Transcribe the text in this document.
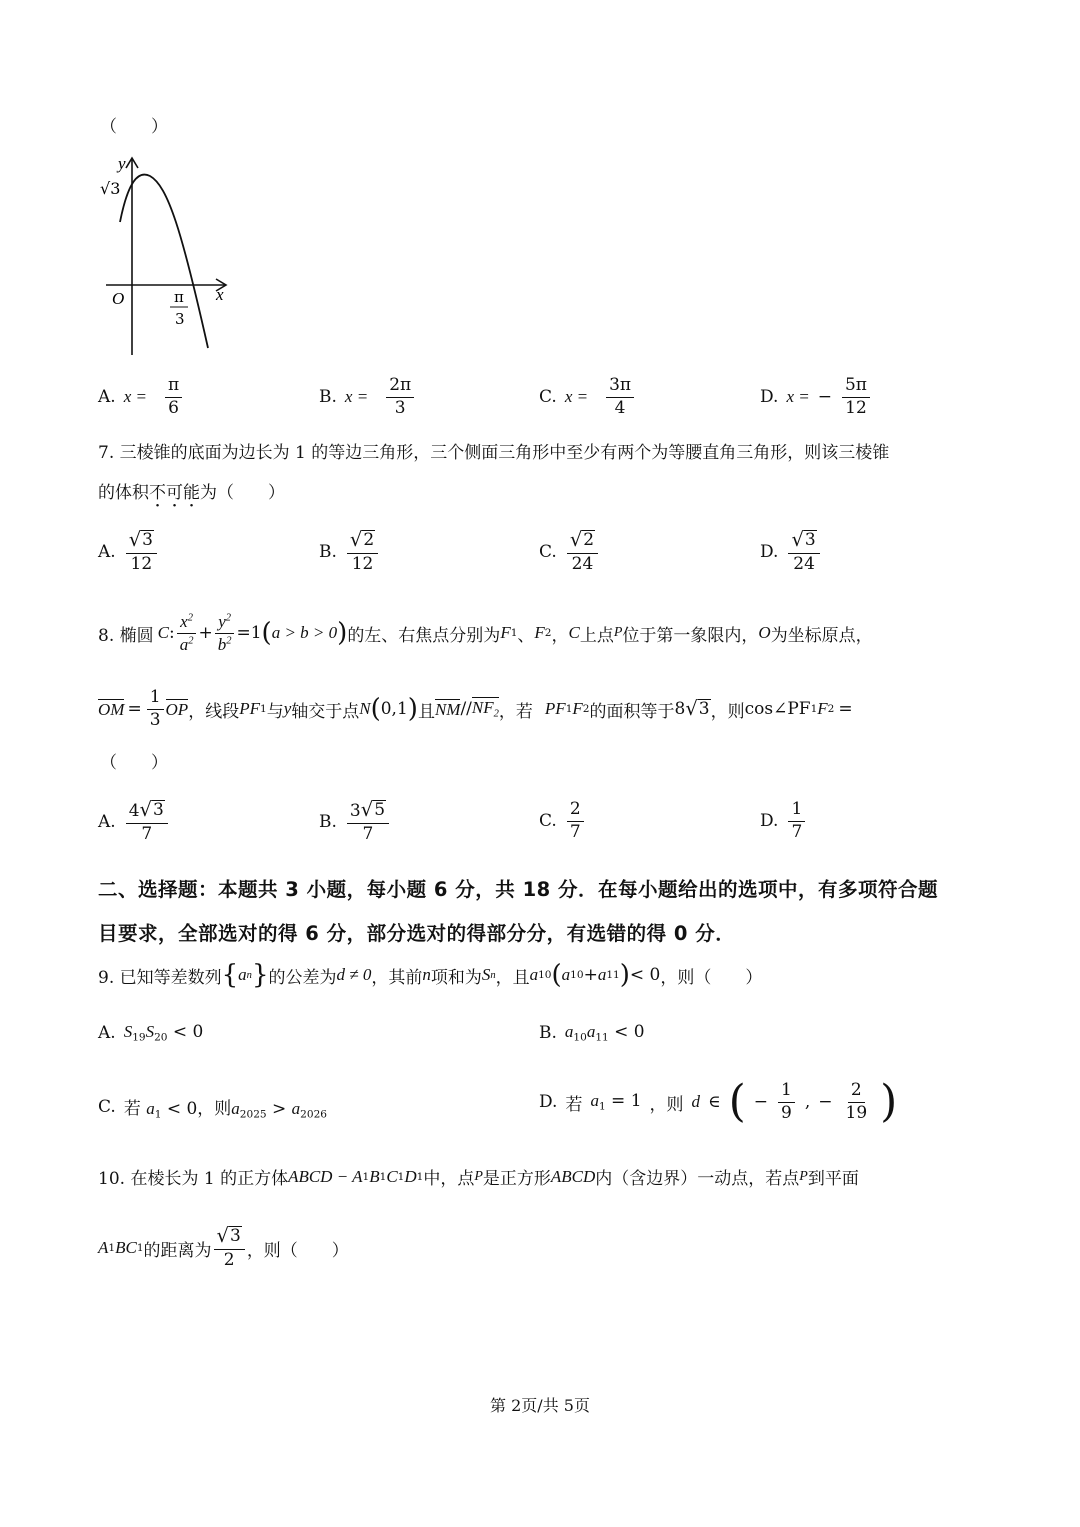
（　　）
y
x
O
√3
π
3
A. $x = \frac{\pi}{6}$	B. $x = \frac{2\pi}{3}$	C. $x = \frac{3\pi}{4}$	D. x = − $\frac{5\pi}{12}$
7. 三棱锥的底面为边长为 1 的等边三角形，三个侧面三角形中至少有两个为等腰直角三角形，则该三棱锥
的体积不可能为（　　）
A. $\frac{√ 3}{12}$	B. $\frac{√ 2}{12}$	C. $\frac{√ 2}{24}$	D. $\frac{√ 3}{24}$
8. 椭圆 C : $\frac{x^2}{a^2} + \frac{y^2}{b^2} =1$ ( a > b > 0 ) 的左、右焦点分别为 F 1 、 F 2 ， C 上点 P 位于第一象限内， O 为坐标原点，
OM = $\frac{1}{3}$ OP ，线段 PF 1 与 y 轴交于点 N ( 0,1 ) 且 NM // $NF_2$ ，若 PF 1 F 2 的面积等于 8 √ 3 ，则 cos∠PF 1 F 2 =
（　　）
A. $\frac{4 √ 3}{7}$	B. $\frac{3 √ 5}{7}$	C. $\frac{2}{7}$	D. $\frac{1}{7}$
二、选择题：本题共 3 小题，每小题 6 分，共 18 分．在每小题给出的选项中，有多项符合题
目要求，全部选对的得 6 分，部分选对的得部分分，有选错的得 0 分．
9. 已知等差数列 { a n } 的公差为 d ≠ 0 ，其前 n 项和为 S n ，且 a 10 ( a 10 + a 11 ) < 0 ，则（　　）
A. $S_{19}S_{20} < 0$	B. $a_{10}a_{11} < 0$
C. 若 $a_1 < 0$，则$a_{2025} > a_{2026}$
D. 若 $a_1 = 1$ ，则 d ∈ ( − $\frac{1}{9}$ , − $\frac{2}{19}$ )
10. 在棱长为 1 的正方体 ABCD − A 1 B 1 C 1 D 1 中，点 P 是正方形 ABCD 内（含边界）一动点，若点 P 到平面
A 1 BC 1 的距离为 $\frac{√ 3}{2}$ ，则（　　）
第 2页/共 5页
